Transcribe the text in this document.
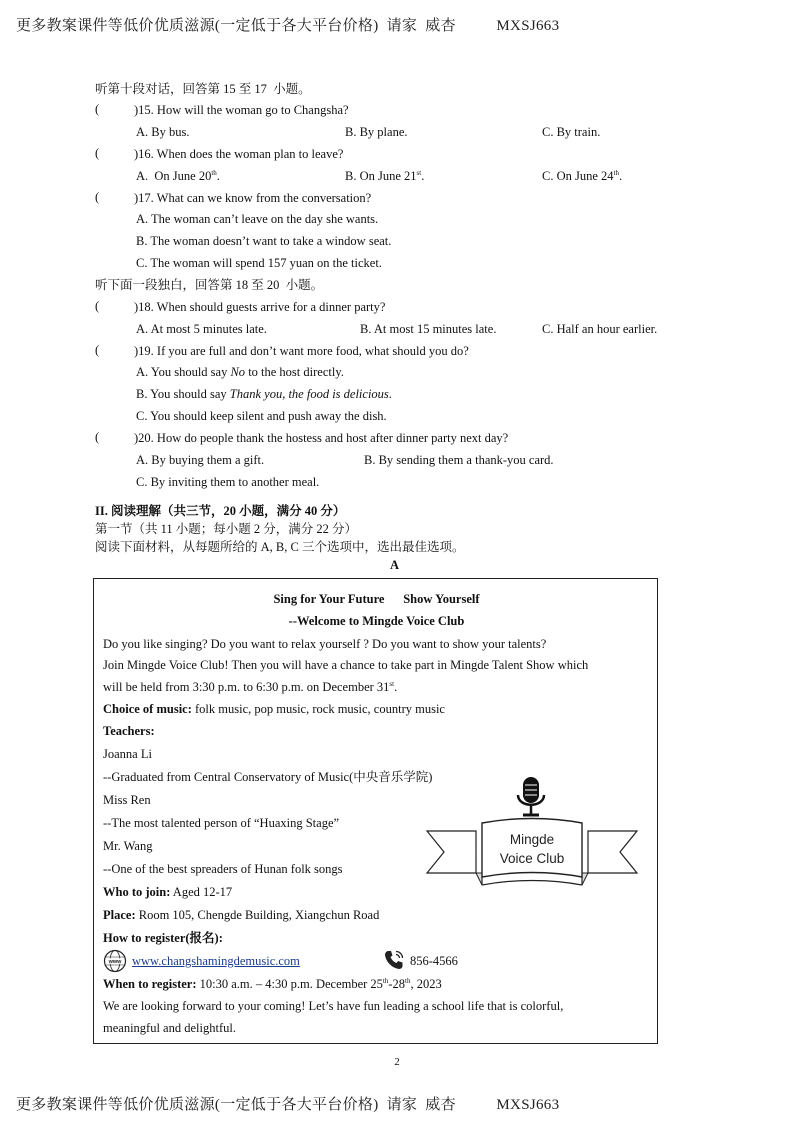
更多教案课件等低价优质滋源(一定低于各大平台价格) 请家  威杏	MXSJ663
听第十段对话，回答第 15 至 17  小题。
(	)15. How will the woman go to Changsha?
A. By bus.	B. By plane.	C. By train.
(	)16. When does the woman plan to leave?
A.  On June 20th.	B. On June 21st.	C. On June 24th.
(	)17. What can we know from the conversation?
A. The woman can’t leave on the day she wants.
B. The woman doesn’t want to take a window seat.
C. The woman will spend 157 yuan on the ticket.
听下面一段独白，回答第 18 至 20  小题。
(	)18. When should guests arrive for a dinner party?
A. At most 5 minutes late.	B. At most 15 minutes late.	C. Half an hour earlier.
(	)19. If you are full and don’t want more food, what should you do?
A. You should say No to the host directly.
B. You should say Thank you, the food is delicious.
C. You should keep silent and push away the dish.
(	)20. How do people thank the hostess and host after dinner party next day?
A. By buying them a gift.	B. By sending them a thank-you card.
C. By inviting them to another meal.
II. 阅读理解（共三节，20 小题，满分 40 分）
第一节（共 11 小题；每小题 2 分，满分 22 分）
阅读下面材料，从每题所给的 A, B, C 三个选项中，选出最佳选项。
A
Sing for Your Future      Show Yourself
--Welcome to Mingde Voice Club
Do you like singing? Do you want to relax yourself ? Do you want to show your talents?
Join Mingde Voice Club! Then you will have a chance to take part in Mingde Talent Show which
will be held from 3:30 p.m. to 6:30 p.m. on December 31st.
Choice of music: folk music, pop music, rock music, country music
Teachers:
Joanna Li
--Graduated from Central Conservatory of Music(中央音乐学院)
Miss Ren
--The most talented person of “Huaxing Stage”
Mr. Wang
--One of the best spreaders of Hunan folk songs
Who to join: Aged 12-17
Place: Room 105, Chengde Building, Xiangchun Road
How to register(报名):
www www.changshamingdemusic.com	856-4566
When to register: 10:30 a.m. – 4:30 p.m. December 25th-28th, 2023
We are looking forward to your coming! Let’s have fun leading a school life that is colorful,
meaningful and delightful.
Mingde
Voice Club
2
更多教案课件等低价优质滋源(一定低于各大平台价格) 请家  威杏	MXSJ663
